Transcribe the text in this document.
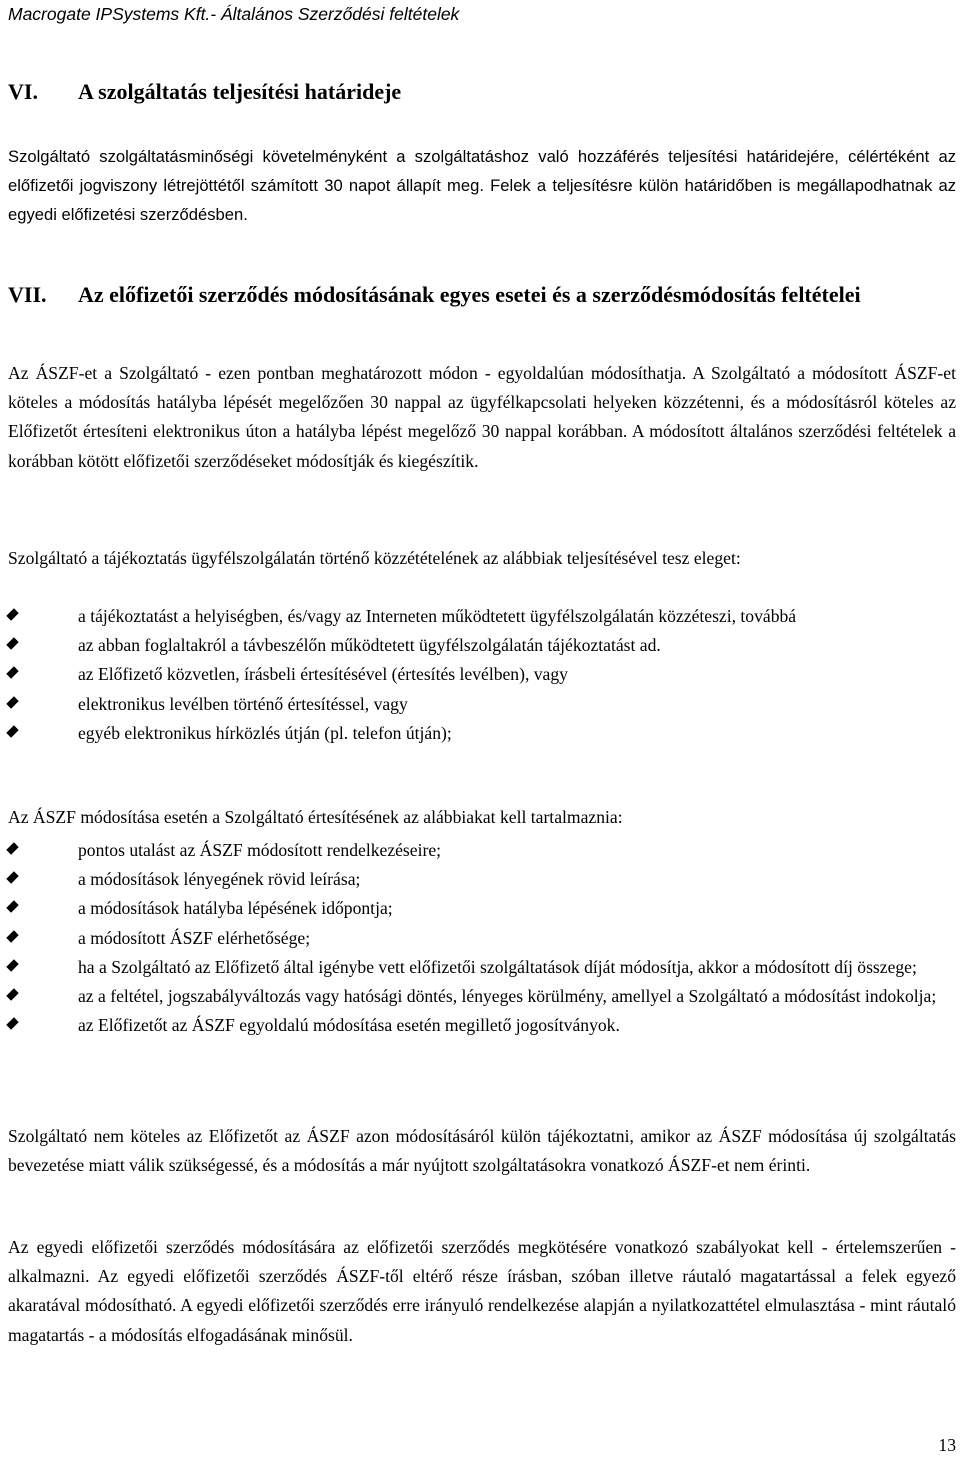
Macrogate IPSystems Kft.- Általános Szerződési feltételek
VI. A szolgáltatás teljesítési határideje
Szolgáltató szolgáltatásminőségi követelményként a szolgáltatáshoz való hozzáférés teljesítési határidejére, célértéként az előfizetői jogviszony létrejöttétől számított 30 napot állapít meg. Felek a teljesítésre külön határidőben is megállapodhatnak az egyedi előfizetési szerződésben.
VII. Az előfizetői szerződés módosításának egyes esetei és a szerződésmódosítás feltételei
Az ÁSZF-et a Szolgáltató - ezen pontban meghatározott módon - egyoldalúan módosíthatja. A Szolgáltató a módosított ÁSZF-et köteles a módosítás hatályba lépését megelőzően 30 nappal az ügyfélkapcsolati helyeken közzétenni, és a módosításról köteles az Előfizetőt értesíteni elektronikus úton a hatályba lépést megelőző 30 nappal korábban. A módosított általános szerződési feltételek a korábban kötött előfizetői szerződéseket módosítják és kiegészítik.
Szolgáltató a tájékoztatás ügyfélszolgálatán történő közzétételének az alábbiak teljesítésével tesz eleget:
a tájékoztatást a helyiségben, és/vagy az Interneten működtetett ügyfélszolgálatán közzéteszi, továbbá
az abban foglaltakról a távbeszélőn működtetett ügyfélszolgálatán tájékoztatást ad.
az Előfizető közvetlen, írásbeli értesítésével (értesítés levélben), vagy
elektronikus levélben történő értesítéssel, vagy
egyéb elektronikus hírközlés útján (pl. telefon útján);
Az ÁSZF módosítása esetén a Szolgáltató értesítésének az alábbiakat kell tartalmaznia:
pontos utalást az ÁSZF módosított rendelkezéseire;
a módosítások lényegének rövid leírása;
a módosítások hatályba lépésének időpontja;
a módosított ÁSZF elérhetősége;
ha a Szolgáltató az Előfizető által igénybe vett előfizetői szolgáltatások díját módosítja, akkor a módosított díj összege;
az a feltétel, jogszabályváltozás vagy hatósági döntés, lényeges körülmény, amellyel a Szolgáltató a módosítást indokolja;
az Előfizetőt az ÁSZF egyoldalú módosítása esetén megillető jogosítványok.
Szolgáltató nem köteles az Előfizetőt az ÁSZF azon módosításáról külön tájékoztatni, amikor az ÁSZF módosítása új szolgáltatás bevezetése miatt válik szükségessé, és a módosítás a már nyújtott szolgáltatásokra vonatkozó ÁSZF-et nem érinti.
Az egyedi előfizetői szerződés módosítására az előfizetői szerződés megkötésére vonatkozó szabályokat kell - értelemszerűen - alkalmazni. Az egyedi előfizetői szerződés ÁSZF-től eltérő része írásban, szóban illetve ráutaló magatartással a felek egyező akaratával módosítható. A egyedi előfizetői szerződés erre irányuló rendelkezése alapján a nyilatkozattétel elmulasztása - mint ráutaló magatartás - a módosítás elfogadásának minősül.
13
